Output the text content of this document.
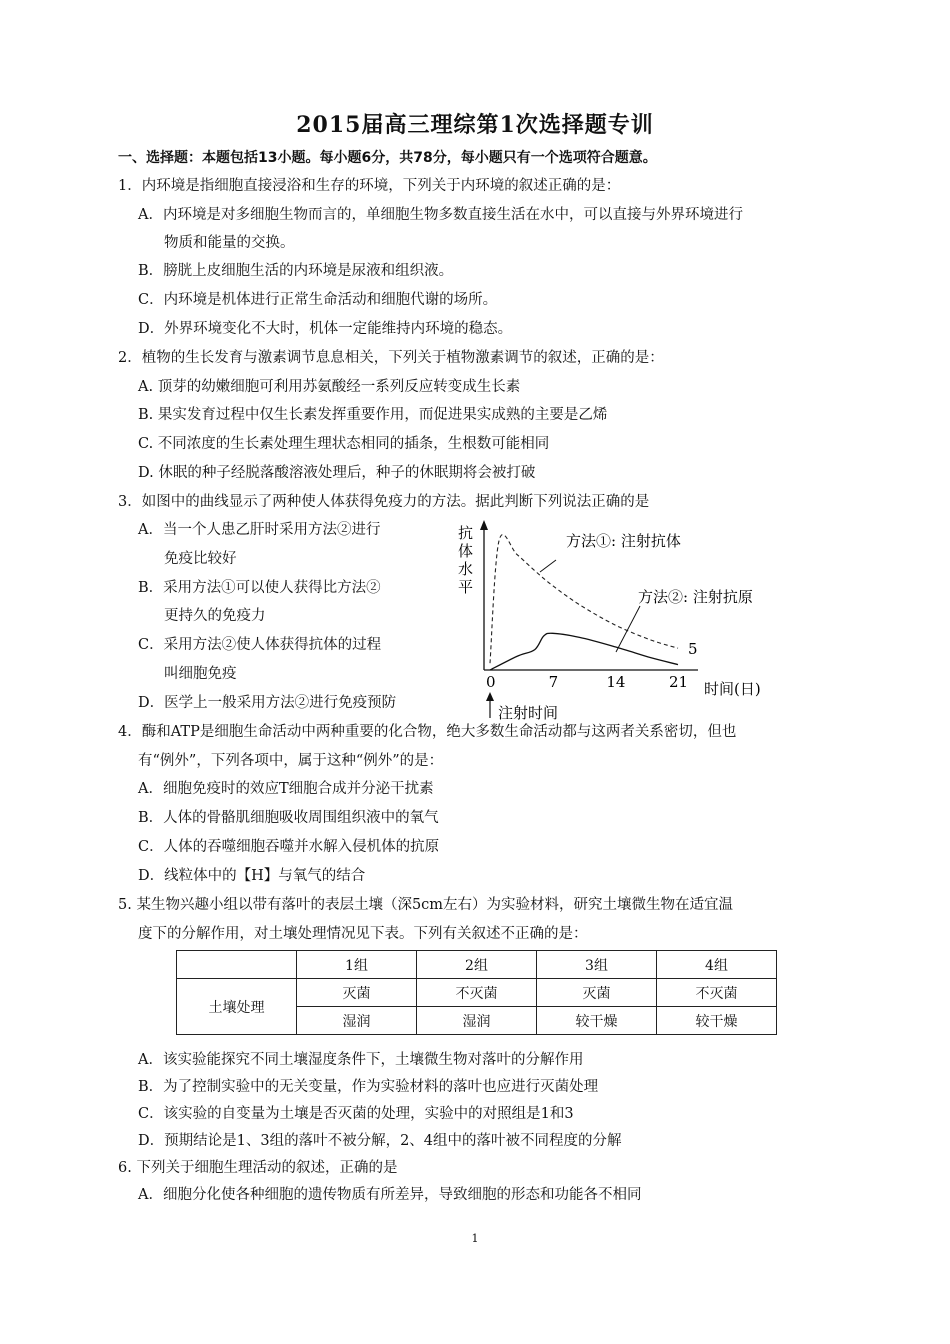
2015届高三理综第1次选择题专训
一、选择题：本题包括13小题。每小题6分，共78分，每小题只有一个选项符合题意。
1．内环境是指细胞直接浸浴和生存的环境，下列关于内环境的叙述正确的是：
A．内环境是对多细胞生物而言的，单细胞生物多数直接生活在水中，可以直接与外界环境进行
物质和能量的交换。
B．膀胱上皮细胞生活的内环境是尿液和组织液。
C．内环境是机体进行正常生命活动和细胞代谢的场所。
D．外界环境变化不大时，机体一定能维持内环境的稳态。
2．植物的生长发育与激素调节息息相关，下列关于植物激素调节的叙述，正确的是：
A. 顶芽的幼嫩细胞可利用苏氨酸经一系列反应转变成生长素
B. 果实发育过程中仅生长素发挥重要作用，而促进果实成熟的主要是乙烯
C. 不同浓度的生长素处理生理状态相同的插条，生根数可能相同
D. 休眠的种子经脱落酸溶液处理后，种子的休眠期将会被打破
3．如图中的曲线显示了两种使人体获得免疫力的方法。据此判断下列说法正确的是
A．当一个人患乙肝时采用方法②进行
免疫比较好
B．采用方法①可以使人获得比方法②
更持久的免疫力
C．采用方法②使人体获得抗体的过程
叫细胞免疫
D．医学上一般采用方法②进行免疫预防
抗
体
水
平
时间(日)
0	7	14	21
方法①: 注射抗体
方法②: 注射抗原
5
注射时间
4．酶和ATP是细胞生命活动中两种重要的化合物，绝大多数生命活动都与这两者关系密切，但也
有“例外”，下列各项中，属于这种“例外”的是：
A．细胞免疫时的效应T细胞合成并分泌干扰素
B．人体的骨骼肌细胞吸收周围组织液中的氧气
C．人体的吞噬细胞吞噬并水解入侵机体的抗原
D．线粒体中的【H】与氧气的结合
5. 某生物兴趣小组以带有落叶的表层土壤（深5cm左右）为实验材料，研究土壤微生物在适宜温
度下的分解作用，对土壤处理情况见下表。下列有关叙述不正确的是：
	1组	2组	3组	4组
土壤处理	灭菌	不灭菌	灭菌	不灭菌
	湿润	湿润	较干燥	较干燥
A．该实验能探究不同土壤湿度条件下，土壤微生物对落叶的分解作用
B．为了控制实验中的无关变量，作为实验材料的落叶也应进行灭菌处理
C．该实验的自变量为土壤是否灭菌的处理，实验中的对照组是1和3
D．预期结论是1、3组的落叶不被分解，2、4组中的落叶被不同程度的分解
6. 下列关于细胞生理活动的叙述，正确的是
A．细胞分化使各种细胞的遗传物质有所差异，导致细胞的形态和功能各不相同
1
